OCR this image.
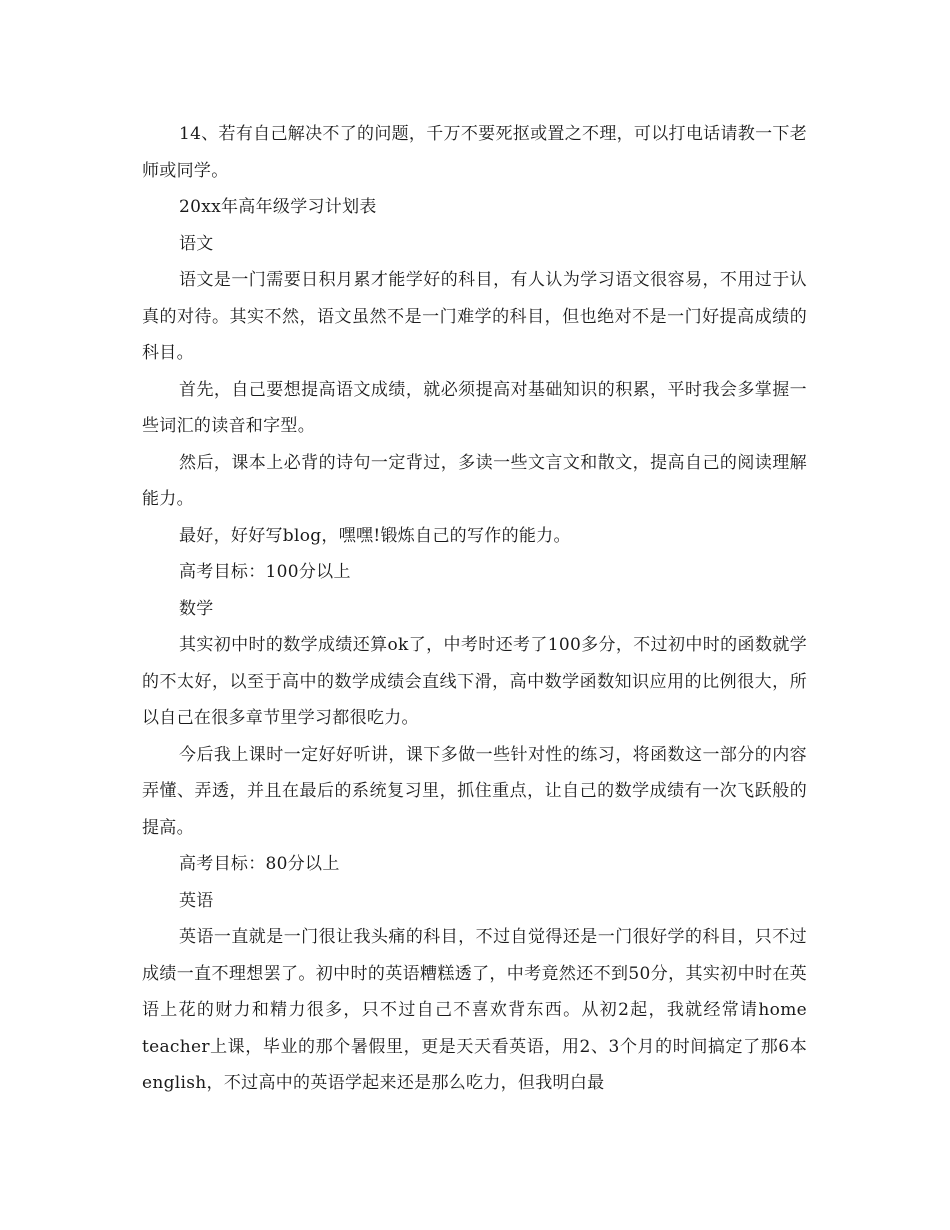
14、若有自己解决不了的问题，千万不要死抠或置之不理，可以打电话请教一下老师或同学。

20xx年高年级学习计划表

语文

语文是一门需要日积月累才能学好的科目，有人认为学习语文很容易，不用过于认真的对待。其实不然，语文虽然不是一门难学的科目，但也绝对不是一门好提高成绩的科目。

首先，自己要想提高语文成绩，就必须提高对基础知识的积累，平时我会多掌握一些词汇的读音和字型。

然后，课本上必背的诗句一定背过，多读一些文言文和散文，提高自己的阅读理解能力。

最好，好好写blog，嘿嘿!锻炼自己的写作的能力。

高考目标：100分以上

数学

其实初中时的数学成绩还算ok了，中考时还考了100多分，不过初中时的函数就学的不太好，以至于高中的数学成绩会直线下滑，高中数学函数知识应用的比例很大，所以自己在很多章节里学习都很吃力。

今后我上课时一定好好听讲，课下多做一些针对性的练习，将函数这一部分的内容弄懂、弄透，并且在最后的系统复习里，抓住重点，让自己的数学成绩有一次飞跃般的提高。

高考目标：80分以上

英语

英语一直就是一门很让我头痛的科目，不过自觉得还是一门很好学的科目，只不过成绩一直不理想罢了。初中时的英语糟糕透了，中考竟然还不到50分，其实初中时在英语上花的财力和精力很多，只不过自己不喜欢背东西。从初2起，我就经常请home teacher上课，毕业的那个暑假里，更是天天看英语，用2、3个月的时间搞定了那6本english，不过高中的英语学起来还是那么吃力，但我明白最
